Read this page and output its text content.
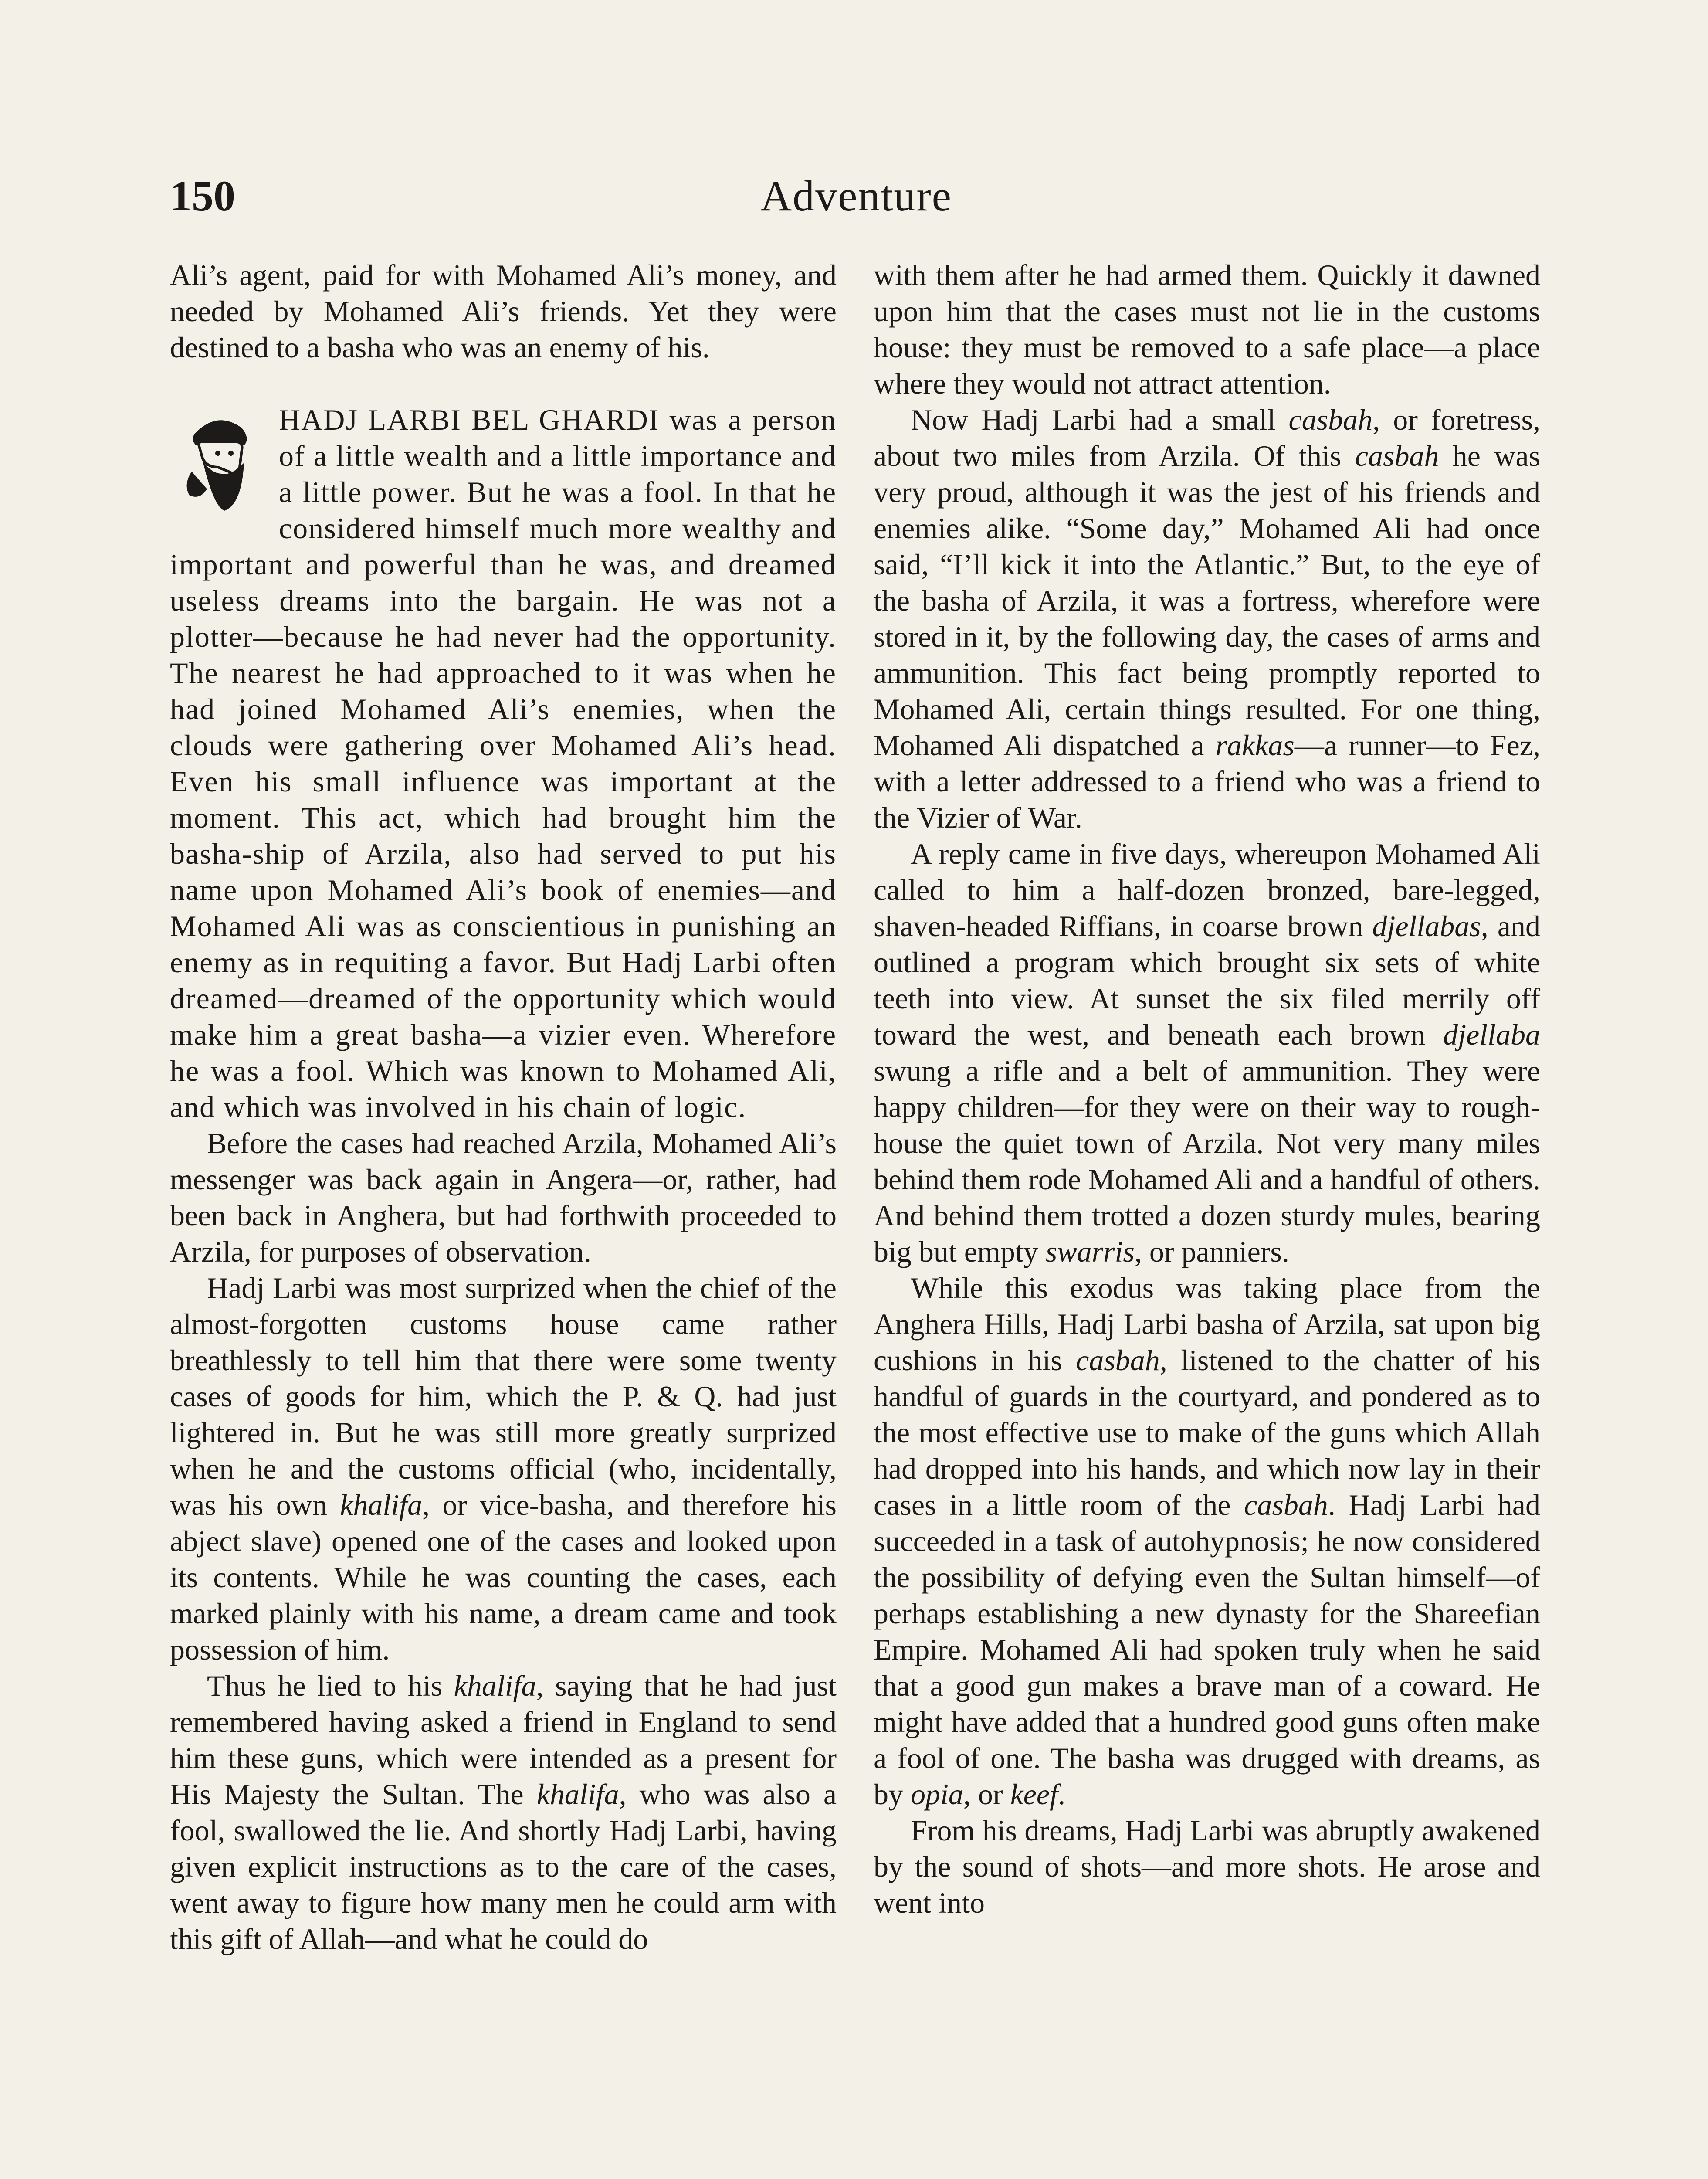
150	Adventure

Ali’s agent, paid for with Mohamed Ali’s money, and needed by Mohamed Ali’s friends. Yet they were destined to a basha who was an enemy of his.

HADJ LARBI BEL GHARDI was a person of a little wealth and a little importance and a little power. But he was a fool. In that he considered himself much more wealthy and important and powerful than he was, and dreamed useless dreams into the bargain. He was not a plotter—because he had never had the opportunity. The nearest he had approached to it was when he had joined Mohamed Ali’s enemies, when the clouds were gathering over Mohamed Ali’s head. Even his small influence was important at the moment. This act, which had brought him the basha-ship of Arzila, also had served to put his name upon Mohamed Ali’s book of enemies—and Mohamed Ali was as conscientious in punishing an enemy as in requiting a favor. But Hadj Larbi often dreamed—dreamed of the opportunity which would make him a great basha—a vizier even. Wherefore he was a fool. Which was known to Mohamed Ali, and which was involved in his chain of logic.

Before the cases had reached Arzila, Mohamed Ali’s messenger was back again in Angera—or, rather, had been back in Anghera, but had forthwith proceeded to Arzila, for purposes of observation.

Hadj Larbi was most surprized when the chief of the almost-forgotten customs house came rather breathlessly to tell him that there were some twenty cases of goods for him, which the P. & Q. had just lightered in. But he was still more greatly surprized when he and the customs official (who, incidentally, was his own khalifa, or vice-basha, and therefore his abject slave) opened one of the cases and looked upon its contents. While he was counting the cases, each marked plainly with his name, a dream came and took possession of him.

Thus he lied to his khalifa, saying that he had just remembered having asked a friend in England to send him these guns, which were intended as a present for His Majesty the Sultan. The khalifa, who was also a fool, swallowed the lie. And shortly Hadj Larbi, having given explicit instructions as to the care of the cases, went away to figure how many men he could arm with this gift of Allah—and what he could do

with them after he had armed them. Quickly it dawned upon him that the cases must not lie in the customs house: they must be removed to a safe place—a place where they would not attract attention.

Now Hadj Larbi had a small casbah, or foretress, about two miles from Arzila. Of this casbah he was very proud, although it was the jest of his friends and enemies alike. “Some day,” Mohamed Ali had once said, “I’ll kick it into the Atlantic.” But, to the eye of the basha of Arzila, it was a fortress, wherefore were stored in it, by the following day, the cases of arms and ammunition. This fact being promptly reported to Mohamed Ali, certain things resulted. For one thing, Mohamed Ali dispatched a rakkas—a runner—to Fez, with a letter addressed to a friend who was a friend to the Vizier of War.

A reply came in five days, whereupon Mohamed Ali called to him a half-dozen bronzed, bare-legged, shaven-headed Riffians, in coarse brown djellabas, and outlined a program which brought six sets of white teeth into view. At sunset the six filed merrily off toward the west, and beneath each brown djellaba swung a rifle and a belt of ammunition. They were happy children—for they were on their way to rough-house the quiet town of Arzila. Not very many miles behind them rode Mohamed Ali and a handful of others. And behind them trotted a dozen sturdy mules, bearing big but empty swarris, or panniers.

While this exodus was taking place from the Anghera Hills, Hadj Larbi basha of Arzila, sat upon big cushions in his casbah, listened to the chatter of his handful of guards in the courtyard, and pondered as to the most effective use to make of the guns which Allah had dropped into his hands, and which now lay in their cases in a little room of the casbah. Hadj Larbi had succeeded in a task of autohypnosis; he now considered the possibility of defying even the Sultan himself—of perhaps establishing a new dynasty for the Shareefian Empire. Mohamed Ali had spoken truly when he said that a good gun makes a brave man of a coward. He might have added that a hundred good guns often make a fool of one. The basha was drugged with dreams, as by opia, or keef.

From his dreams, Hadj Larbi was abruptly awakened by the sound of shots—and more shots. He arose and went into
